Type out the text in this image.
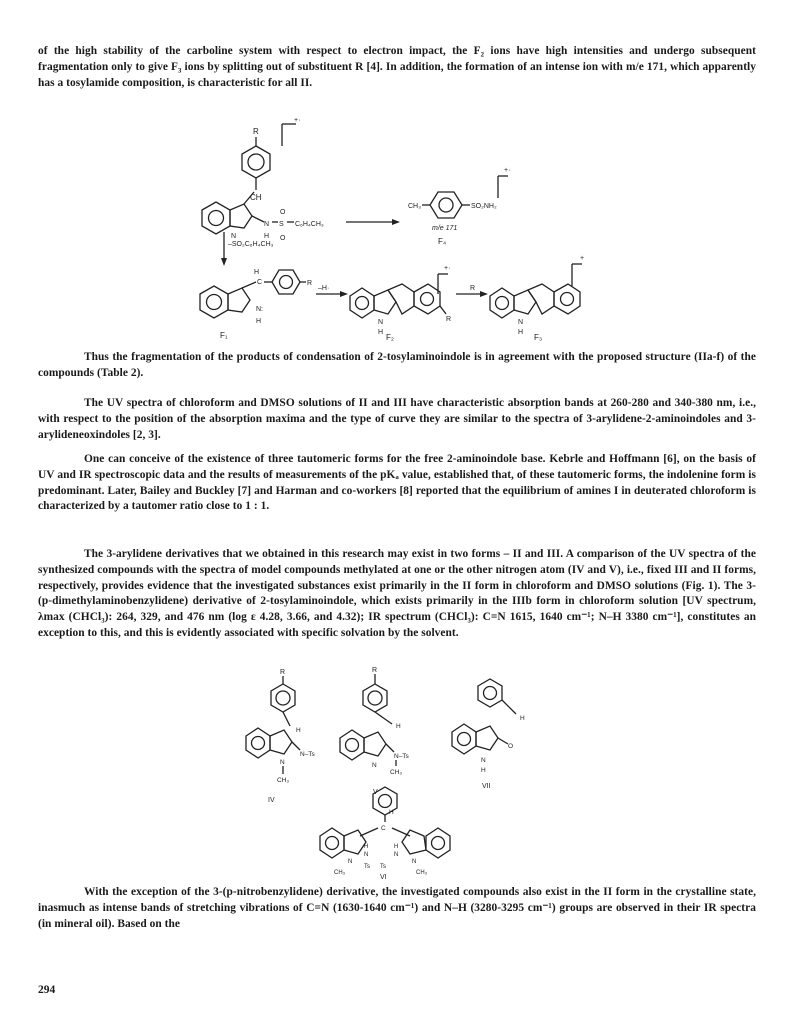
of the high stability of the carboline system with respect to electron impact, the F₂ ions have high intensities and undergo subsequent fragmentation only to give F₃ ions by splitting out of substituent R [4]. In addition, the formation of an intense ion with m/e 171, which apparently has a tosylamide composition, is characteristic for all II.

R
CH
N
N
H
S
O
O
C₆H₄CH₃
+·
CH₃	SO₂NH₂
+·
m/e 171
F₄
–SO₂C₆H₄CH₃
H
C	R
N:
H
F₁
–H·
R
N
H
+·
F₂
R
N
H
+
F₃

Thus the fragmentation of the products of condensation of 2-tosylaminoindole is in agreement with the proposed structure (IIa-f) of the compounds (Table 2).

The UV spectra of chloroform and DMSO solutions of II and III have characteristic absorption bands at 260-280 and 340-380 nm, i.e., with respect to the position of the absorption maxima and the type of curve they are similar to the spectra of 3-arylidene-2-aminoindoles and 3-arylideneoxindoles [2, 3].

One can conceive of the existence of three tautomeric forms for the free 2-aminoindole base. Kebrle and Hoffmann [6], on the basis of UV and IR spectroscopic data and the results of measurements of the pKₐ value, established that, of these tautomeric forms, the indolenine form is predominant. Later, Bailey and Buckley [7] and Harman and co-workers [8] reported that the equilibrium of amines I in deuterated chloroform is characterized by a tautomer ratio close to 1 : 1.

The 3-arylidene derivatives that we obtained in this research may exist in two forms – II and III. A comparison of the UV spectra of the synthesized compounds with the spectra of model compounds methylated at one or the other nitrogen atom (IV and V), i.e., fixed III and II forms, respectively, provides evidence that the investigated substances exist primarily in the II form in chloroform and DMSO solutions (Fig. 1). The 3-(p-dimethylaminobenzylidene) derivative of 2-tosylaminoindole, which exists primarily in the IIIb form in chloroform solution [UV spectrum, λmax (CHCl₃): 264, 329, and 476 nm (log ε 4.28, 3.66, and 4.32); IR spectrum (CHCl₃): C=N 1615, 1640 cm⁻¹; N–H 3380 cm⁻¹], constitutes an exception to this, and this is evidently associated with specific solvation by the solvent.

R
H
N–Ts
N
CH₃
IV
R
H
N–Ts
N
CH₃
V
H
O
N
H
VII
H
C
H
N
Ts
N
CH₃
H
N
Ts
N
CH₃
VI

With the exception of the 3-(p-nitrobenzylidene) derivative, the investigated compounds also exist in the II form in the crystalline state, inasmuch as intense bands of stretching vibrations of C=N (1630-1640 cm⁻¹) and N–H (3280-3295 cm⁻¹) groups are observed in their IR spectra (in mineral oil). Based on the

294
